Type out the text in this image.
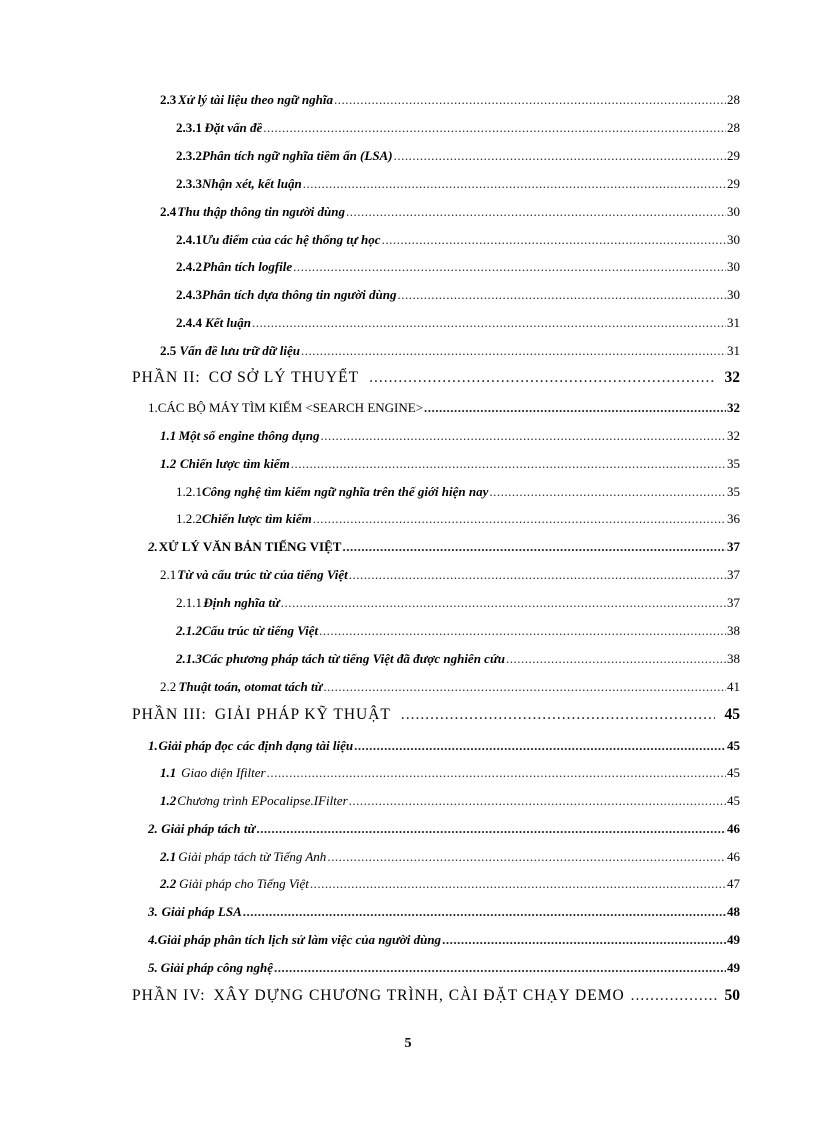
2.3 Xử lý tài liệu theo ngữ nghĩa .....	28
2.3.1 Đặt vấn đề .....	28
2.3.2 Phân tích ngữ nghĩa tiềm ẩn (LSA) .....	29
2.3.3 Nhận xét, kết luận .....	29
2.4 Thu thập thông tin người dùng .....	30
2.4.1 Ưu điểm của các hệ thống tự học .....	30
2.4.2 Phân tích logfile .....	30
2.4.3 Phân tích dựa thông tin người dùng .....	30
2.4.4 Kết luận .....	31
2.5 Vấn đề lưu trữ dữ liệu .....	31
PHẦN II: CƠ SỞ LÝ THUYẾT .....	32
1. CÁC BỘ MÁY TÌM KIẾM <SEARCH ENGINE> .....	32
1.1 Một số engine thông dụng .....	32
1.2 Chiến lược tìm kiếm .....	35
1.2.1 Công nghệ tìm kiếm ngữ nghĩa trên thế giới hiện nay .....	35
1.2.2 Chiến lược tìm kiếm .....	36
2. XỬ LÝ VĂN BẢN TIẾNG VIỆT .....	37
2.1 Từ và cấu trúc từ của tiếng Việt .....	37
2.1.1 Định nghĩa từ .....	37
2.1.2 Cấu trúc từ tiếng Việt .....	38
2.1.3 Các phương pháp tách từ tiếng Việt đã được nghiên cứu .....	38
2.2 Thuật toán, otomat tách từ .....	41
PHẦN III: GIẢI PHÁP KỸ THUẬT .....	45
1. Giải pháp đọc các định dạng tài liệu .....	45
1.1 Giao diện Ifilter .....	45
1.2 Chương trình EPocalipse.IFilter .....	45
2. Giải pháp tách từ .....	46
2.1 Giải pháp tách từ Tiếng Anh .....	46
2.2 Giải pháp cho Tiếng Việt .....	47
3. Giải pháp LSA .....	48
4. Giải pháp phân tích lịch sử làm việc của người dùng .....	49
5. Giải pháp công nghệ .....	49
PHẦN IV: XÂY DỰNG CHƯƠNG TRÌNH, CÀI ĐẶT CHẠY DEMO .....	50
5
